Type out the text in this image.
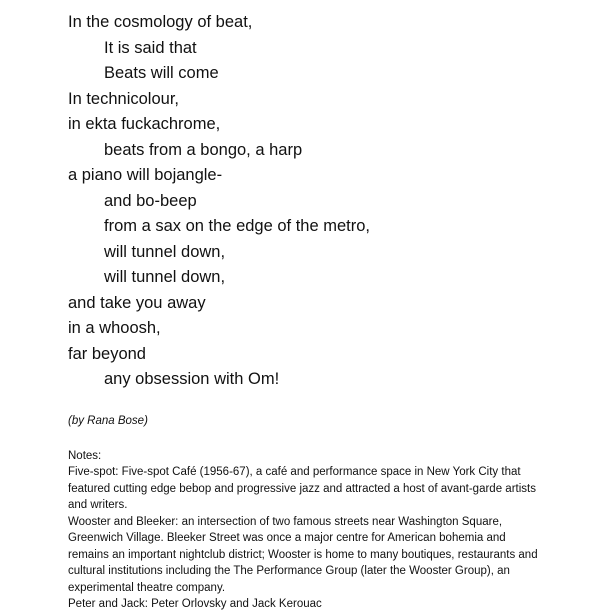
In the cosmology of beat,
It is said that
Beats will come
In technicolour,
in ekta fuckachrome,
beats from a bongo, a harp
a piano will bojangle-
and bo-beep
from a sax on the edge of the metro,
will tunnel down,
will tunnel down,
and take you away
in a whoosh,
far beyond
any obsession with Om!
(by Rana Bose)
Notes:

Five-spot: Five-spot Café (1956-67), a café and performance space in New York City that featured cutting edge bebop and progressive jazz and attracted a host of avant-garde artists and writers.

Wooster and Bleeker: an intersection of two famous streets near Washington Square, Greenwich Village. Bleeker Street was once a major centre for American bohemia and remains an important nightclub district; Wooster is home to many boutiques, restaurants and cultural institutions including the The Performance Group (later the Wooster Group), an experimental theatre company.

Peter and Jack: Peter Orlovsky and Jack Kerouac
